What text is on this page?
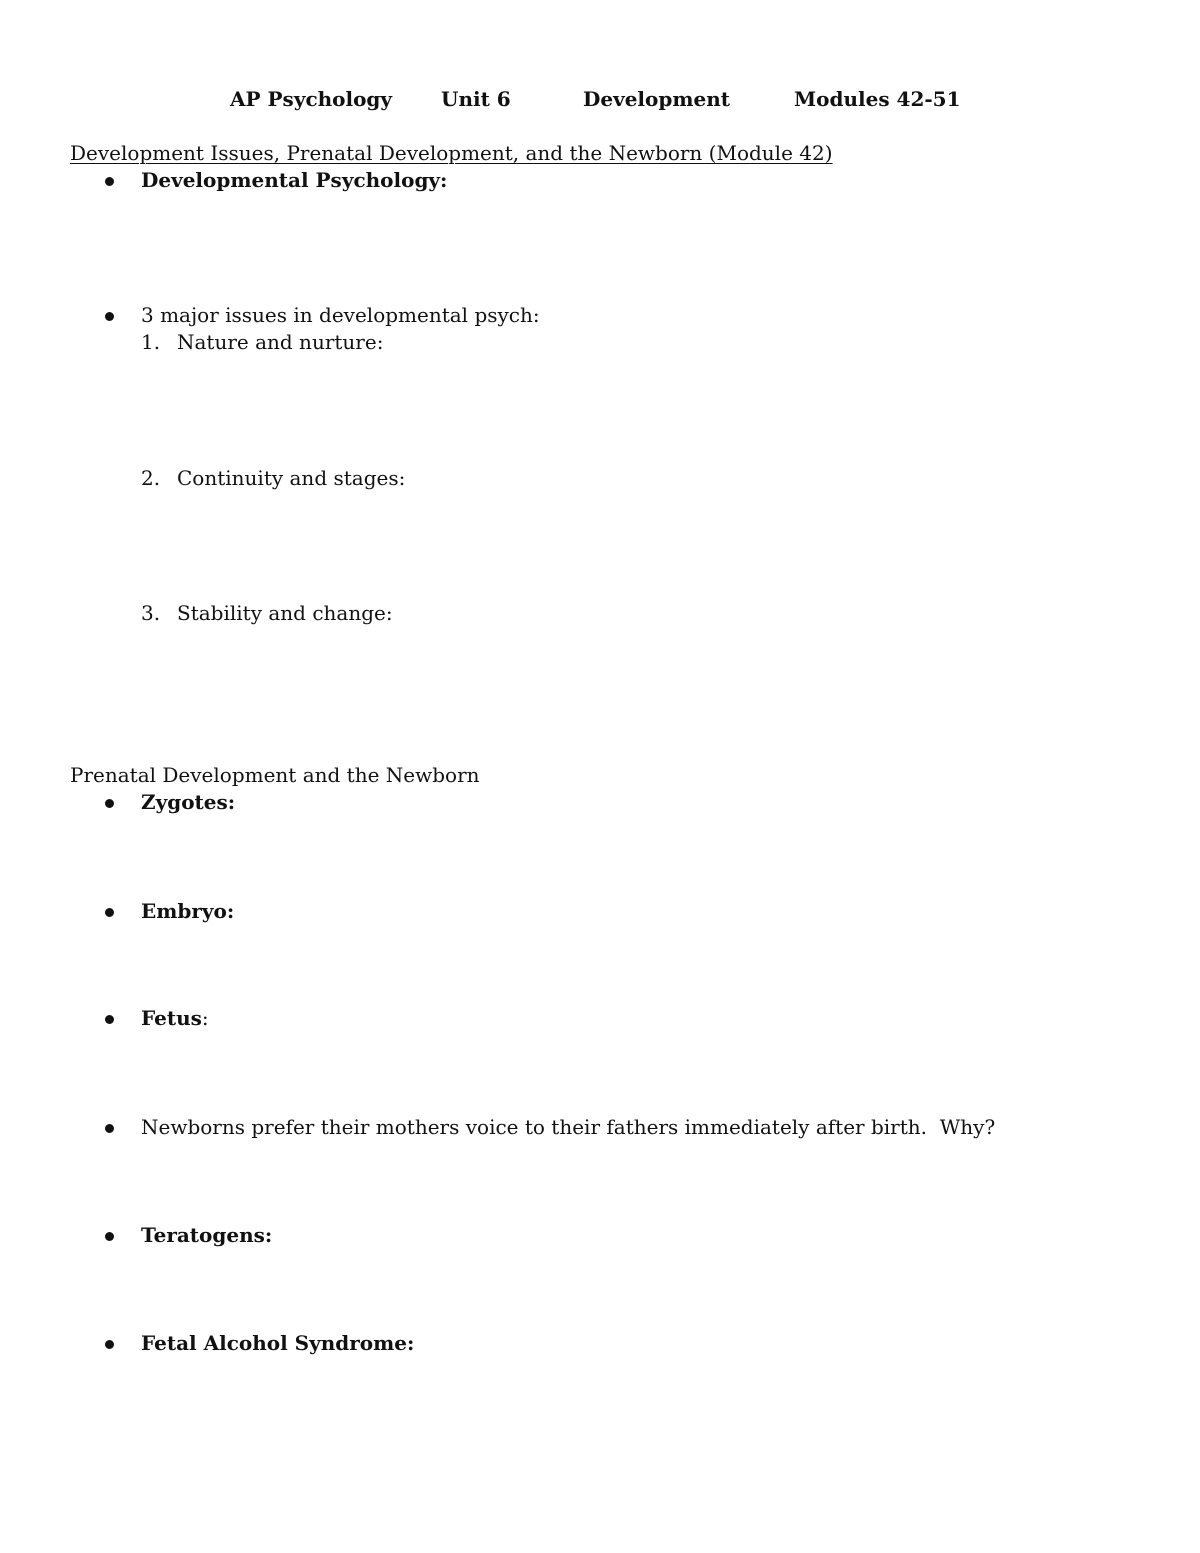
AP Psychology Unit 6	Development	Modules 42-51
Development Issues, Prenatal Development, and the Newborn (Module 42)
Developmental Psychology:
3 major issues in developmental psych:
1. Nature and nurture:
2. Continuity and stages:
3. Stability and change:
Prenatal Development and the Newborn
Zygotes:
Embryo:
Fetus:
Newborns prefer their mothers voice to their fathers immediately after birth.  Why?
Teratogens:
Fetal Alcohol Syndrome:
